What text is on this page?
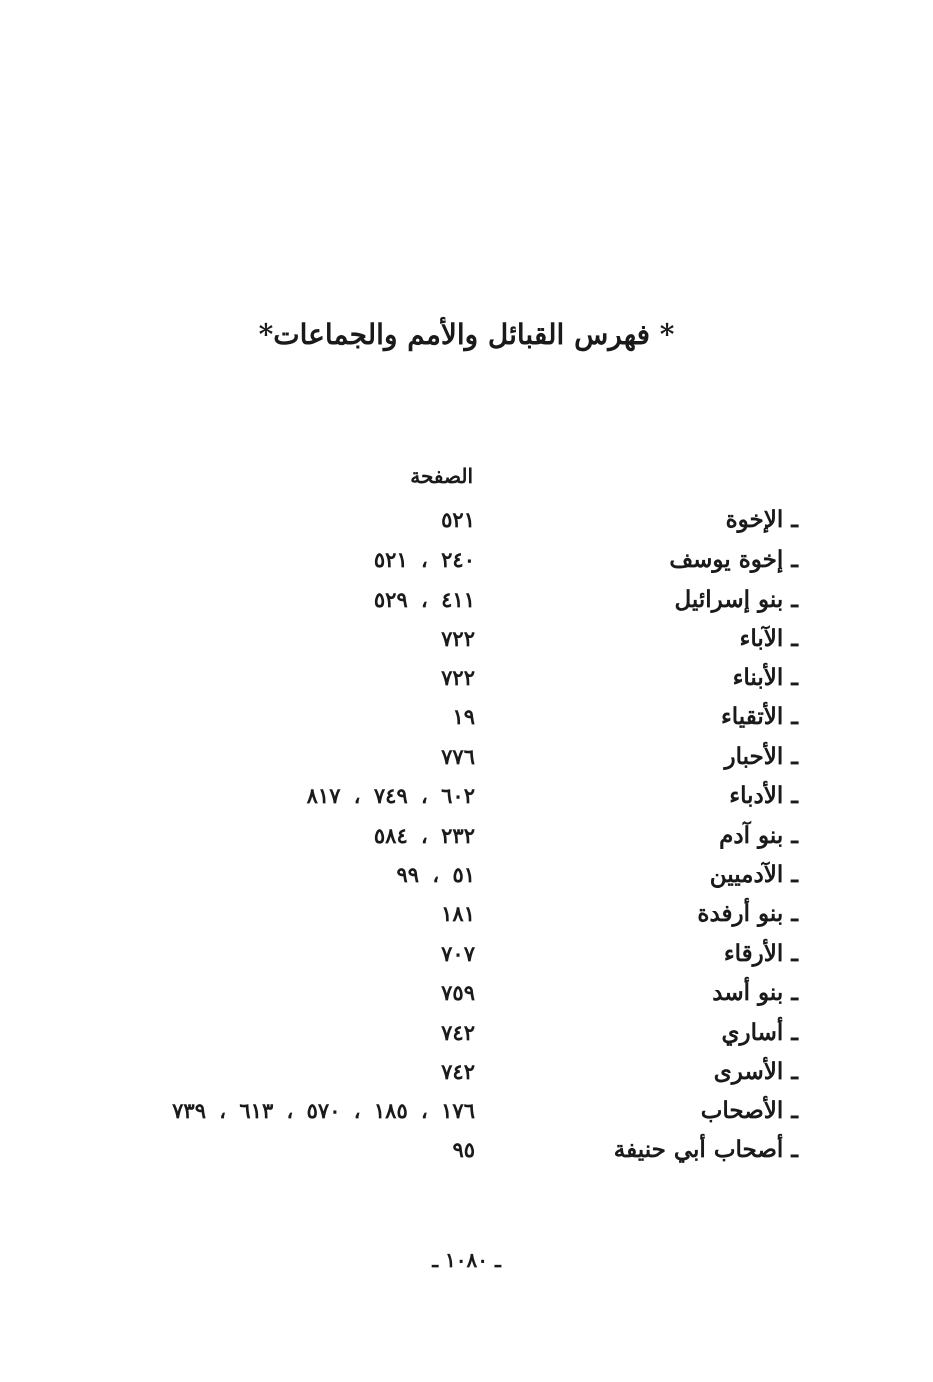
* فهرس القبائل والأمم والجماعات*
الصفحة
ـ الإخوة
٥٢١
ـ إخوة يوسف
٢٤٠ ، ٥٢١
ـ بنو إسرائيل
٤١١ ، ٥٢٩
ـ الآباء
٧٢٢
ـ الأبناء
٧٢٢
ـ الأتقياء
١٩
ـ الأحبار
٧٧٦
ـ الأدباء
٦٠٢ ، ٧٤٩ ، ٨١٧
ـ بنو آدم
٢٣٢ ، ٥٨٤
ـ الآدميين
٥١ ، ٩٩
ـ بنو أرفدة
١٨١
ـ الأرقاء
٧٠٧
ـ بنو أسد
٧٥٩
ـ أساري
٧٤٢
ـ الأسرى
٧٤٢
ـ الأصحاب
١٧٦ ، ١٨٥ ، ٥٧٠ ، ٦١٣ ، ٧٣٩
ـ أصحاب أبي حنيفة
٩٥
ـ ١٠٨٠ ـ
